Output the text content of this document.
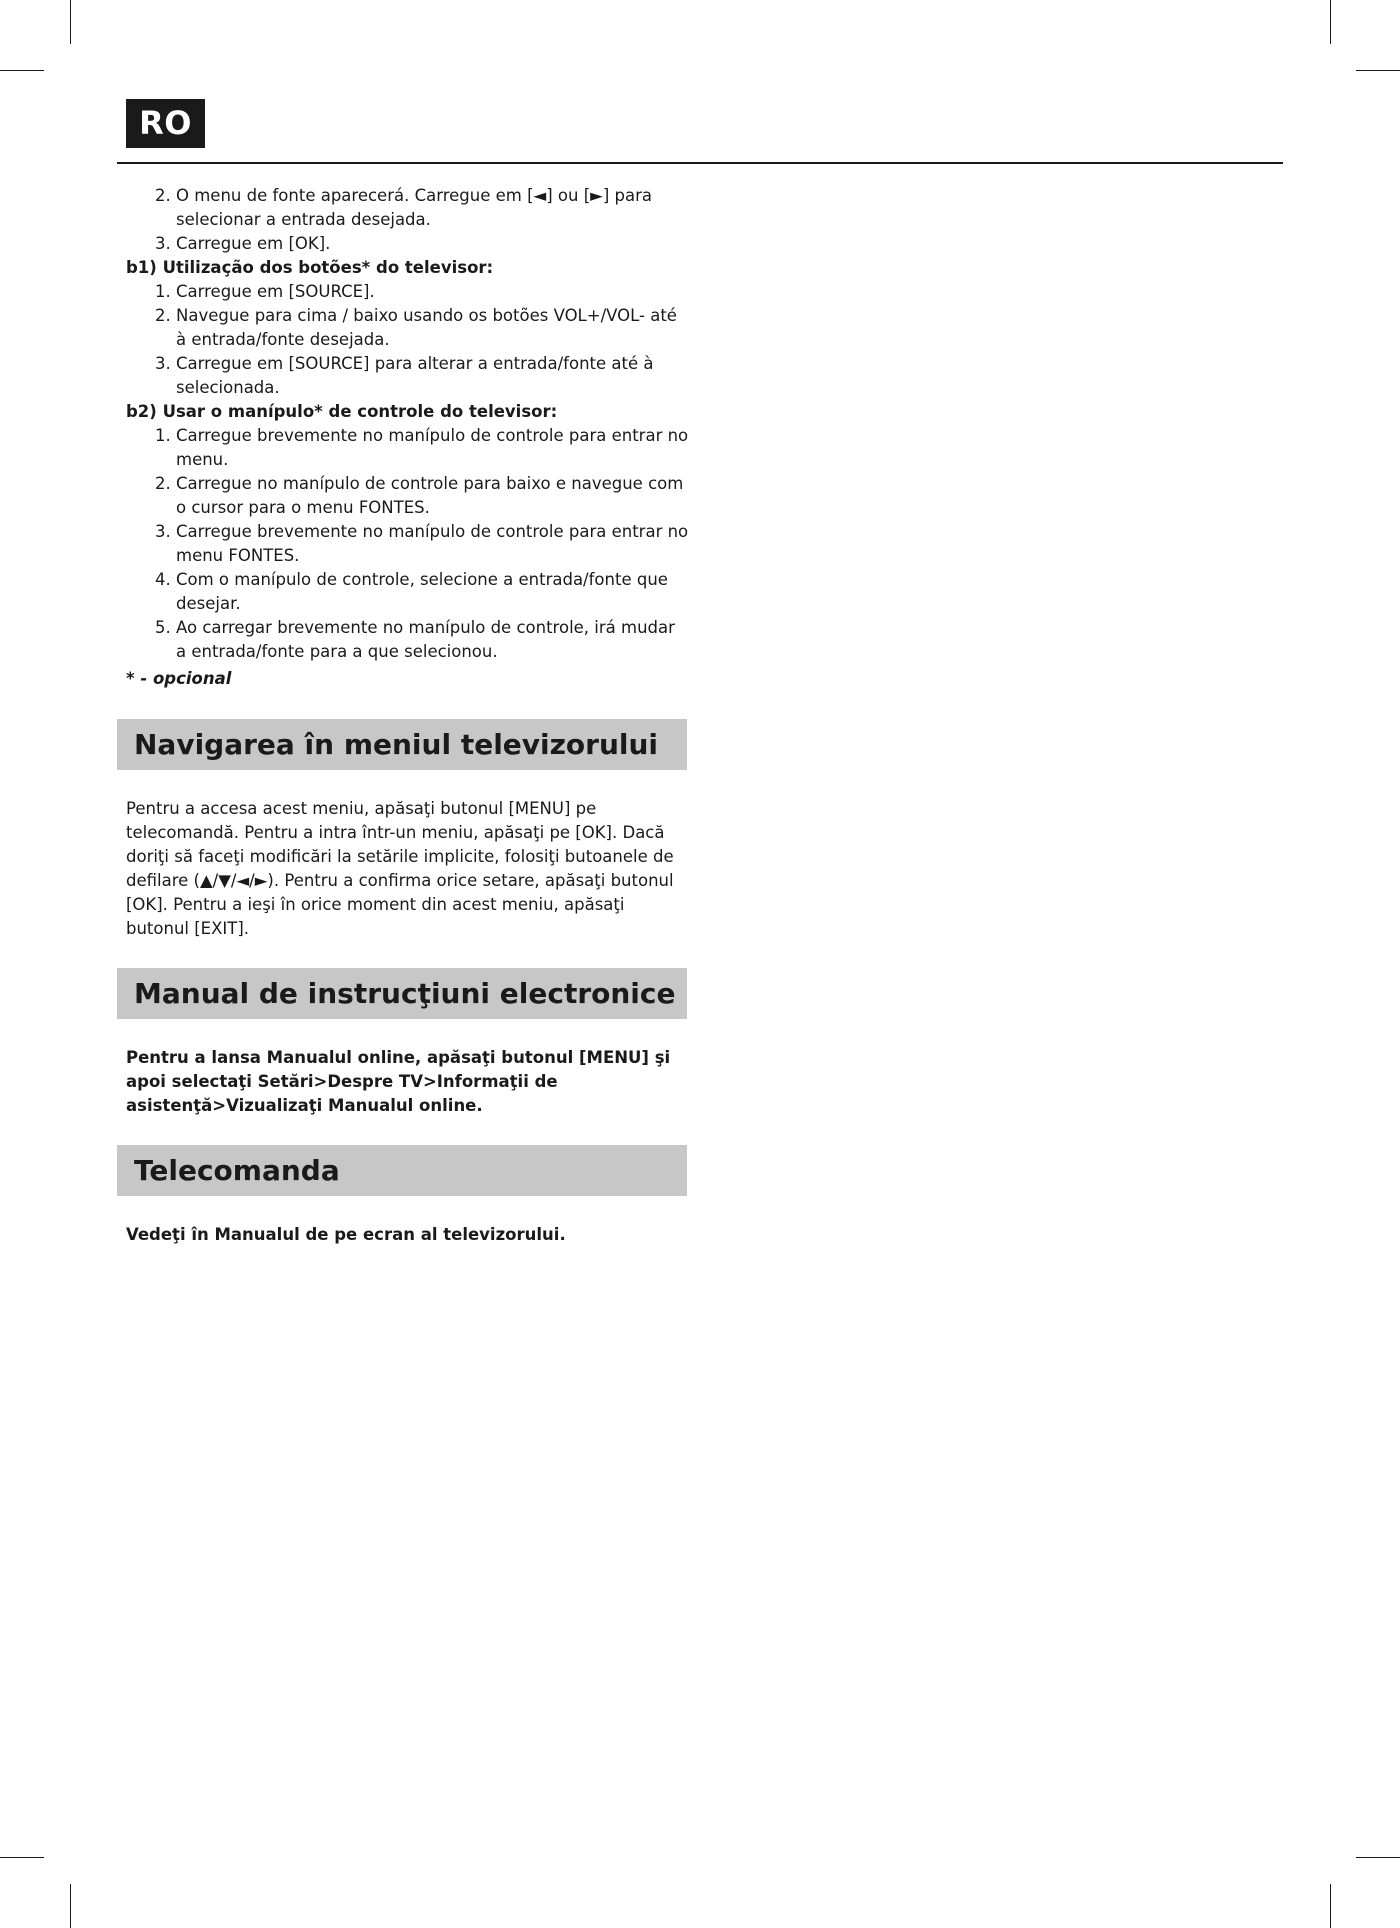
RO
2. O menu de fonte aparecerá. Carregue em [◄] ou [►] para selecionar a entrada desejada.
3. Carregue em [OK].

b1) Utilização dos botões* do televisor:

1. Carregue em [SOURCE].
2. Navegue para cima / baixo usando os botões VOL+/VOL- até à entrada/fonte desejada.
3. Carregue em [SOURCE] para alterar a entrada/fonte até à selecionada.

b2) Usar o manípulo* de controle do televisor:

1. Carregue brevemente no manípulo de controle para entrar no menu.
2. Carregue no manípulo de controle para baixo e navegue com o cursor para o menu FONTES.
3. Carregue brevemente no manípulo de controle para entrar no menu FONTES.
4. Com o manípulo de controle, selecione a entrada/fonte que desejar.
5. Ao carregar brevemente no manípulo de controle, irá mudar a entrada/fonte para a que selecionou.

* - opcional

Navigarea în meniul televizorului

Pentru a accesa acest meniu, apăsaţi butonul [MENU] pe telecomandă. Pentru a intra într-un meniu, apăsaţi pe [OK]. Dacă doriţi să faceţi modificări la setările implicite, folosiţi butoanele de defilare (▲/▼/◄/►). Pentru a confirma orice setare, apăsaţi butonul [OK]. Pentru a ieşi în orice moment din acest meniu, apăsaţi butonul [EXIT].

Manual de instrucţiuni electronice

Pentru a lansa Manualul online, apăsaţi butonul [MENU] şi apoi selectaţi Setări>Despre TV>Informaţii de asistenţă>Vizualizaţi Manualul online.

Telecomanda

Vedeţi în Manualul de pe ecran al televizorului.
